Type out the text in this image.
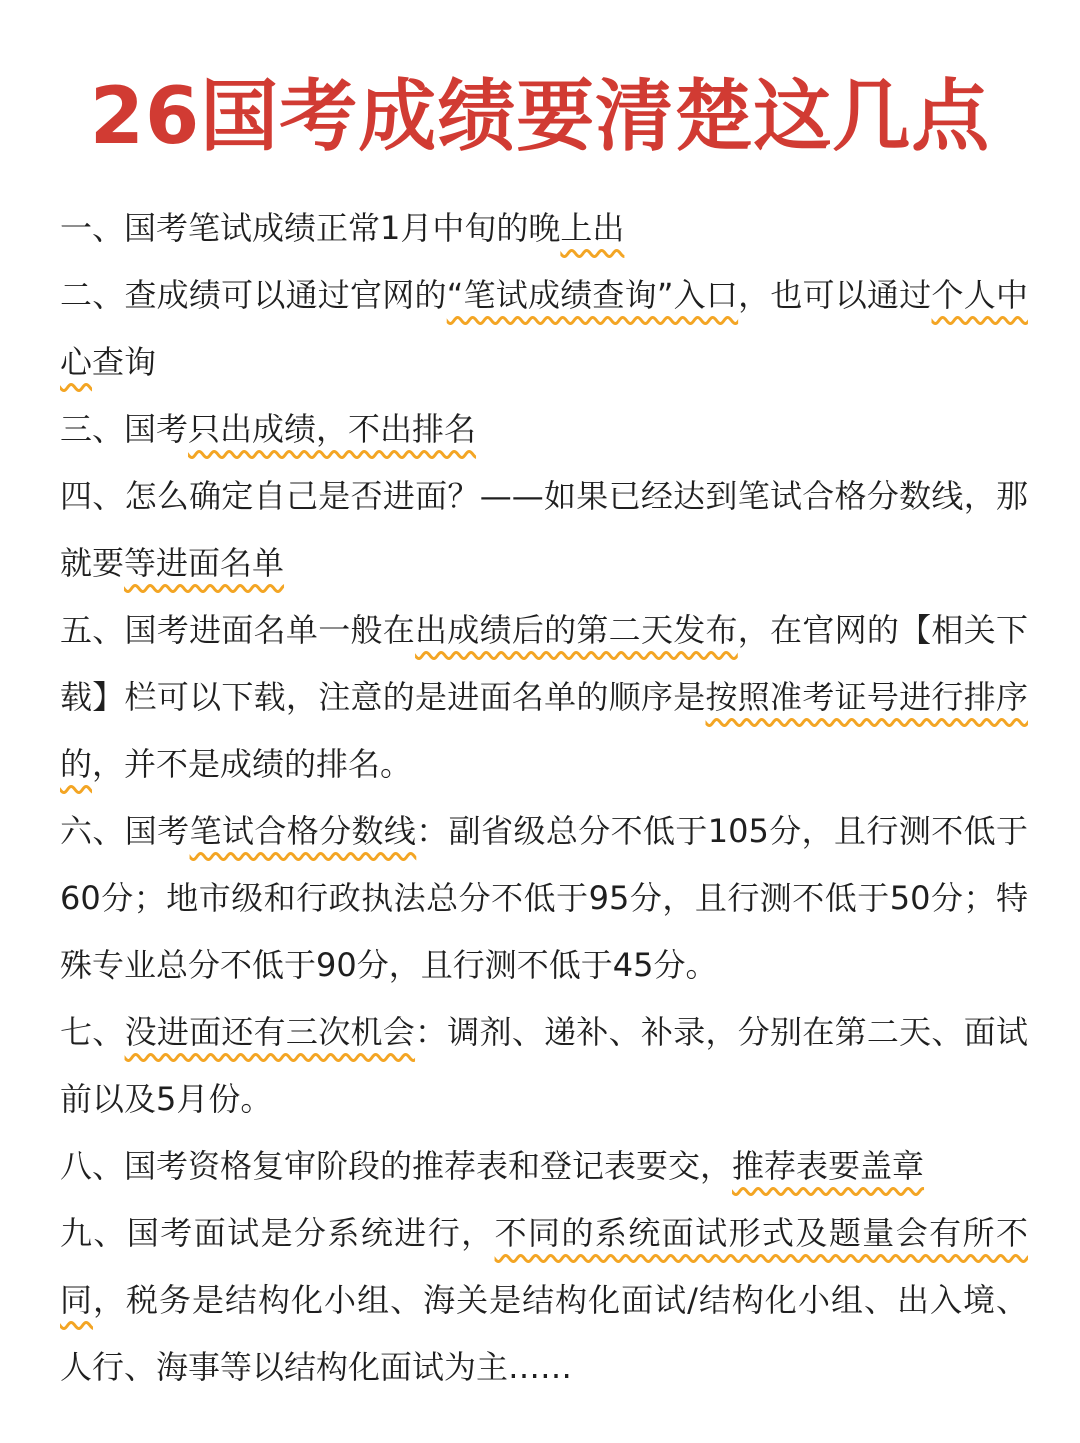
26国考成绩要清楚这几点

一、国考笔试成绩正常1月中旬的晚上出

二、查成绩可以通过官网的“笔试成绩查询”入口，也可以通过个人中心查询

三、国考只出成绩，不出排名

四、怎么确定自己是否进面？——如果已经达到笔试合格分数线，那就要等进面名单

五、国考进面名单一般在出成绩后的第二天发布，在官网的【相关下载】栏可以下载，注意的是进面名单的顺序是按照准考证号进行排序的，并不是成绩的排名。

六、国考笔试合格分数线：副省级总分不低于105分，且行测不低于60分；地市级和行政执法总分不低于95分，且行测不低于50分；特殊专业总分不低于90分，且行测不低于45分。

七、没进面还有三次机会：调剂、递补、补录，分别在第二天、面试前以及5月份。

八、国考资格复审阶段的推荐表和登记表要交，推荐表要盖章

九、国考面试是分系统进行，不同的系统面试形式及题量会有所不同，税务是结构化小组、海关是结构化面试/结构化小组、出入境、人行、海事等以结构化面试为主……
